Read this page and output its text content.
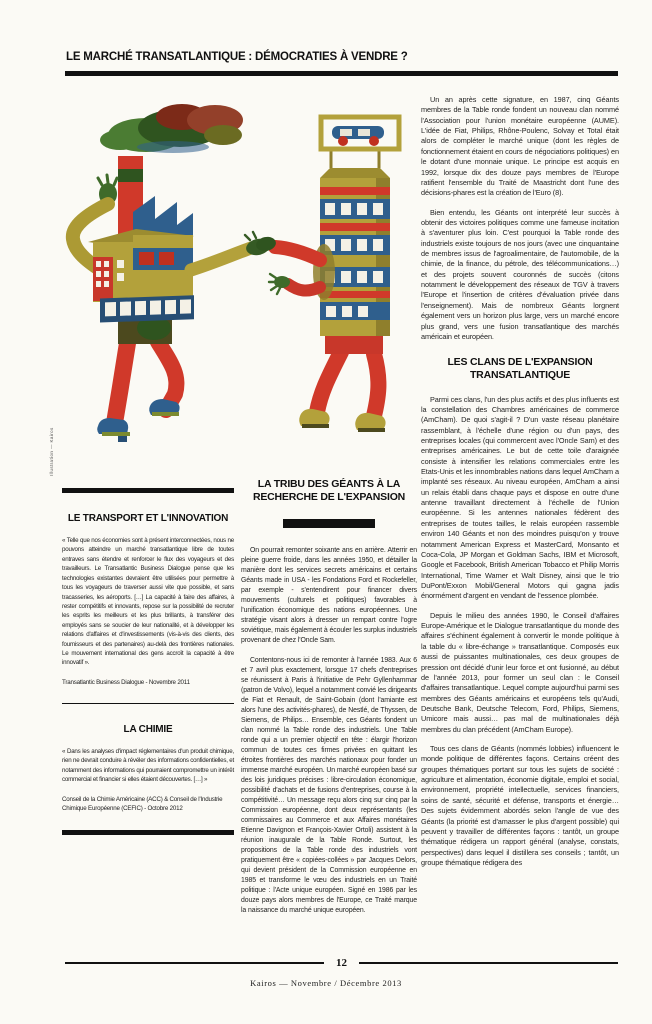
LE MARCHÉ TRANSATLANTIQUE : DÉMOCRATIES À VENDRE ?
Illustration — Kairos
LE TRANSPORT ET L'INNOVATION

« Telle que nos économies sont à présent interconnectées, nous ne pouvons atteindre un marché transatlantique libre de toutes entraves sans étendre et renforcer le flux des voyageurs et des travailleurs. Le Transatlantic Business Dialogue pense que les technologies existantes devraient être utilisées pour permettre à tous les voyageurs de traverser aussi vite que possible, et sans tracasseries, les aéroports. […] La capacité à faire des affaires, à rester compétitifs et innovants, repose sur la possibilité de recruter les esprits les meilleurs et les plus brillants, à transférer des employés sans se soucier de leur nationalité, et à développer les relations d'affaires et d'investissements (vis-à-vis des clients, des fournisseurs et des partenaires) au-delà des frontières nationales. Le mouvement international des gens accroît la capacité à être innovatif ».

Transatlantic Business Dialogue - Novembre 2011

LA CHIMIE

« Dans les analyses d'impact réglementaires d'un produit chimique, rien ne devrait conduire à révéler des informations confidentielles, et notamment des informations qui pourraient compromettre un intérêt commercial et financier si elles étaient découvertes. […] »

Conseil de la Chimie Américaine (ACC) & Conseil de l'Industrie Chimique Européenne (CEFIC) - Octobre 2012

LA TRIBU DES GÉANTS À LA RECHERCHE DE L'EXPANSION

On pourrait remonter soixante ans en arrière. Atterrir en pleine guerre froide, dans les années 1950, et détailler la manière dont les services secrets américains et certains Géants made in USA - les Fondations Ford et Rockefeller, par exemple - s'entendirent pour financer divers mouvements (culturels et politiques) favorables à l'unification économique des nations européennes. Une stratégie visant alors à dresser un rempart contre l'ogre soviétique, mais également à écouler les surplus industriels provenant de chez l'Oncle Sam.

Contentons-nous ici de remonter à l'année 1983. Aux 6 et 7 avril plus exactement, lorsque 17 chefs d'entreprises se réunissent à Paris à l'initiative de Pehr Gyllenhammar (patron de Volvo), lequel a notamment convié les dirigeants de Fiat et Renault, de Saint-Gobain (dont l'amiante est alors l'une des activités-phares), de Nestlé, de Thyssen, de Siemens, de Philips… Ensemble, ces Géants fondent un clan nommé la Table ronde des industriels. Une Table ronde qui a un premier objectif en tête : élargir l'horizon commun de toutes ces firmes privées en quittant les étroites frontières des marchés nationaux pour fonder un immense marché européen. Un marché européen basé sur des lois juridiques précises : libre-circulation économique, possibilité d'achats et de fusions d'entreprises, course à la compétitivité… Un message reçu alors cinq sur cinq par la Commission européenne, dont deux représentants (les commissaires au Commerce et aux Affaires monétaires Etienne Davignon et François-Xavier Ortoli) assistent à la réunion inaugurale de la Table Ronde. Surtout, les propositions de la Table ronde des industriels vont pratiquement être « copiées-collées » par Jacques Delors, qui devient président de la Commission européenne en 1985 et transforme le vœu des industriels en un Traité politique : l'Acte unique européen. Signé en 1986 par les douze pays alors membres de l'Europe, ce Traité marque la naissance du marché unique européen.

Un an après cette signature, en 1987, cinq Géants membres de la Table ronde fondent un nouveau clan nommé l'Association pour l'union monétaire européenne (AUME). L'idée de Fiat, Philips, Rhône-Poulenc, Solvay et Total était alors de compléter le marché unique (dont les règles de fonctionnement étaient en cours de négociations politiques) en le dotant d'une monnaie unique. Le principe est acquis en 1992, lorsque dix des douze pays membres de l'Europe ratifient l'ensemble du Traité de Maastricht dont l'une des décisions-phares est la création de l'Euro (8).

Bien entendu, les Géants ont interprété leur succès à obtenir des victoires politiques comme une fameuse incitation à s'aventurer plus loin. C'est pourquoi la Table ronde des industriels existe toujours de nos jours (avec une cinquantaine de membres issus de l'agroalimentaire, de l'automobile, de la chimie, de la finance, du pétrole, des télécommunications…) et des projets souvent couronnés de succès (citons notamment le développement des réseaux de TGV à travers l'Europe et l'insertion de critères d'évaluation privée dans l'enseignement). Mais de nombreux Géants lorgnent également vers un horizon plus large, vers un marché encore plus grand, vers une fusion transatlantique des marchés américain et européen.

LES CLANS DE L'EXPANSION TRANSATLANTIQUE

Parmi ces clans, l'un des plus actifs et des plus influents est la constellation des Chambres américaines de commerce (AmCham). De quoi s'agit-il ? D'un vaste réseau planétaire rassemblant, à l'échelle d'une région ou d'un pays, des entreprises locales (qui commercent avec l'Oncle Sam) et des entreprises américaines. Le but de cette toile d'araignée consiste à intensifier les relations commerciales entre les Etats-Unis et les innombrables nations dans lequel AmCham a implanté ses réseaux. Au niveau européen, AmCham a ainsi un relais établi dans chaque pays et dispose en outre d'une antenne travaillant directement à l'échelle de l'Union européenne. Si les antennes nationales fédèrent des entreprises de toutes tailles, le relais européen rassemble environ 140 Géants et non des moindres puisqu'on y trouve notamment American Express et MasterCard, Monsanto et Coca-Cola, JP Morgan et Goldman Sachs, IBM et Microsoft, Google et Facebook, British American Tobacco et Philip Morris International, Time Warner et Walt Disney, ainsi que le trio DuPont/Exxon Mobil/General Motors qui gagna jadis énormément d'argent en vendant de l'essence plombée.

Depuis le milieu des années 1990, le Conseil d'affaires Europe-Amérique et le Dialogue transatlantique du monde des affaires s'échinent également à convertir le monde politique à la table du « libre-échange » transatlantique. Composés eux aussi de puissantes multinationales, ces deux groupes de pression ont décidé d'unir leur force et ont fusionné, au début de l'année 2013, pour former un seul clan : le Conseil d'affaires transatlantique. Lequel compte aujourd'hui parmi ses membres des Géants américains et européens tels qu'Audi, Deutsche Bank, Deutsche Telecom, Ford, Philips, Siemens, Umicore mais aussi… pas mal de multinationales déjà membres du clan précédent (AmCham Europe).

Tous ces clans de Géants (nommés lobbies) influencent le monde politique de différentes façons. Certains créent des groupes thématiques portant sur tous les sujets de société : agriculture et alimentation, économie digitale, emploi et social, environnement, propriété intellectuelle, services financiers, soins de santé, sécurité et défense, transports et énergie… Des sujets évidemment abordés selon l'angle de vue des Géants (la priorité est d'amasser le plus d'argent possible) qui peuvent y travailler de différentes façons : tantôt, un groupe thématique rédigera un rapport général (analyse, constats, perspectives) dans lequel il distillera ses conseils ; tantôt, un groupe thématique rédigera des

12
Kairos — Novembre / Décembre 2013
